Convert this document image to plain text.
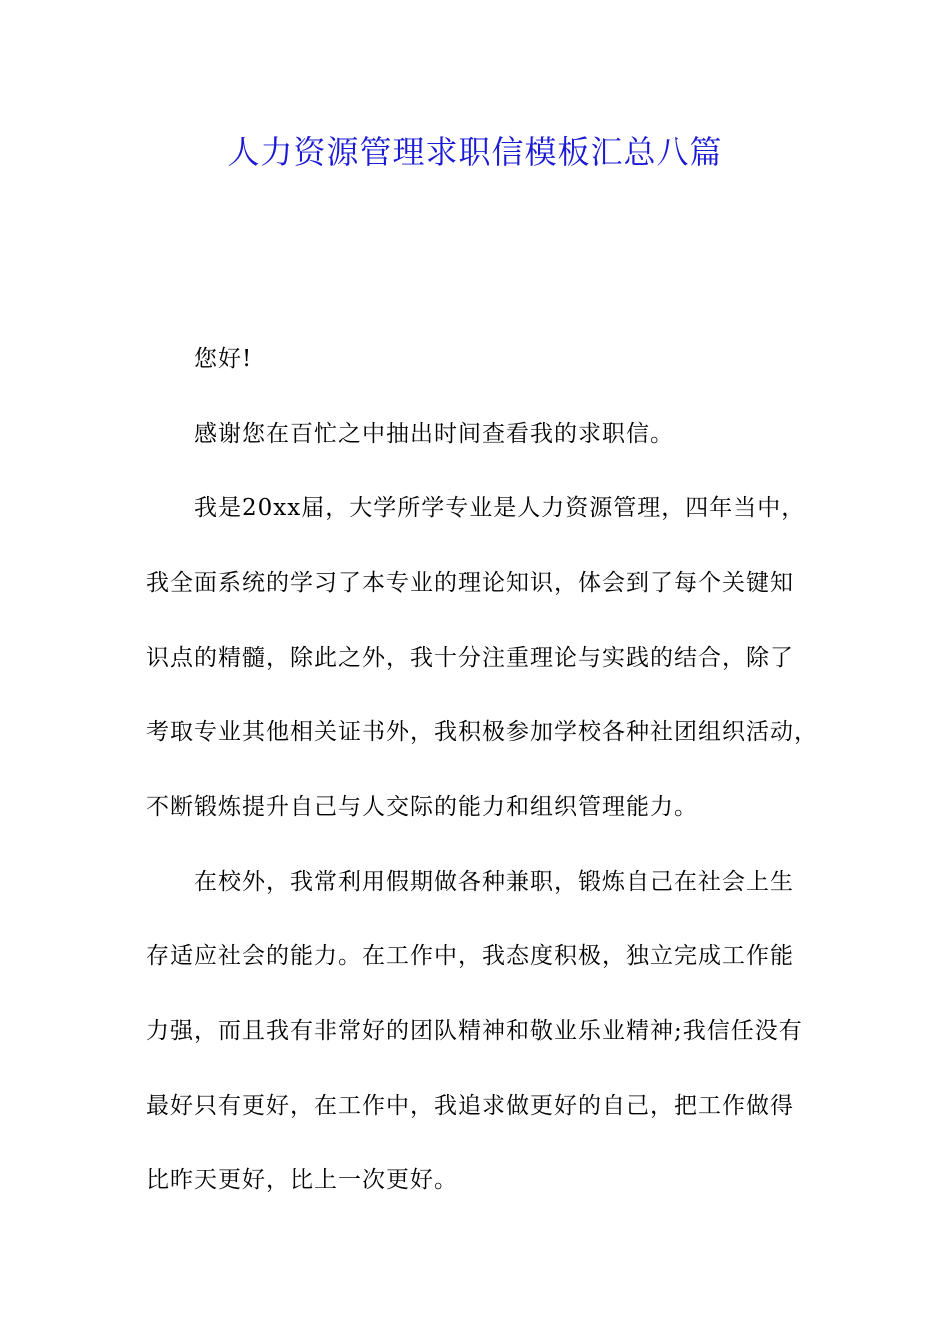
人力资源管理求职信模板汇总八篇
您好!
感谢您在百忙之中抽出时间查看我的求职信。
我是20xx届，大学所学专业是人力资源管理，四年当中，
我全面系统的学习了本专业的理论知识，体会到了每个关键知
识点的精髓，除此之外，我十分注重理论与实践的结合，除了
考取专业其他相关证书外，我积极参加学校各种社团组织活动，
不断锻炼提升自己与人交际的能力和组织管理能力。
在校外，我常利用假期做各种兼职，锻炼自己在社会上生
存适应社会的能力。在工作中，我态度积极，独立完成工作能
力强，而且我有非常好的团队精神和敬业乐业精神;我信任没有
最好只有更好，在工作中，我追求做更好的自己，把工作做得
比昨天更好，比上一次更好。
